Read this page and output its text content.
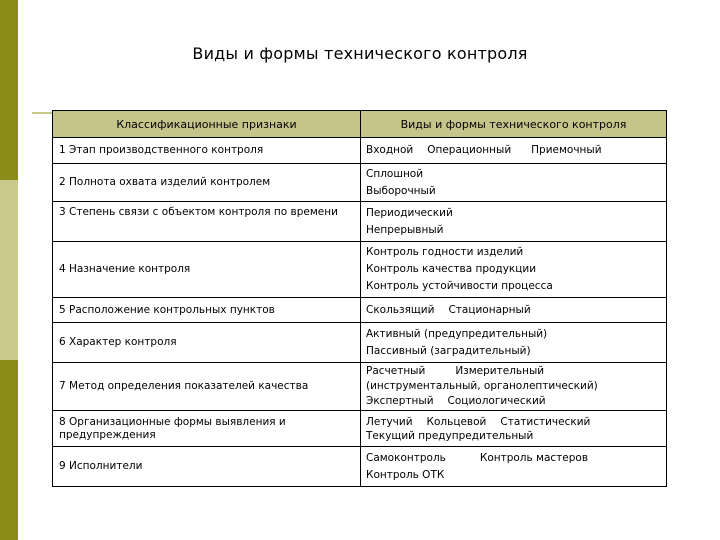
Виды и формы технического контроля
Классификационные признаки	Виды и формы технического контроля
1 Этап производственного контроля	Входной Операционный Приемочный

2 Полнота охвата изделий контролем	Сплошной
Выборочный

3 Степень связи с объектом контроля по времени	Периодический
Непрерывный

4 Назначение контроля	Контроль годности изделий
Контроль качества продукции
Контроль устойчивости процесса

5 Расположение контрольных пунктов	Скользящий Стационарный

6 Характер контроля	Активный (предупредительный)
Пассивный (заградительный)

7 Метод определения показателей качества	Расчетный Измерительный
(инструментальный, органолептический)
Экспертный Социологический

8 Организационные формы выявления и предупреждения	Летучий Кольцевой Статистический
Текущий предупредительный

9 Исполнители	Самоконтроль Контроль мастеров
Контроль ОТК
